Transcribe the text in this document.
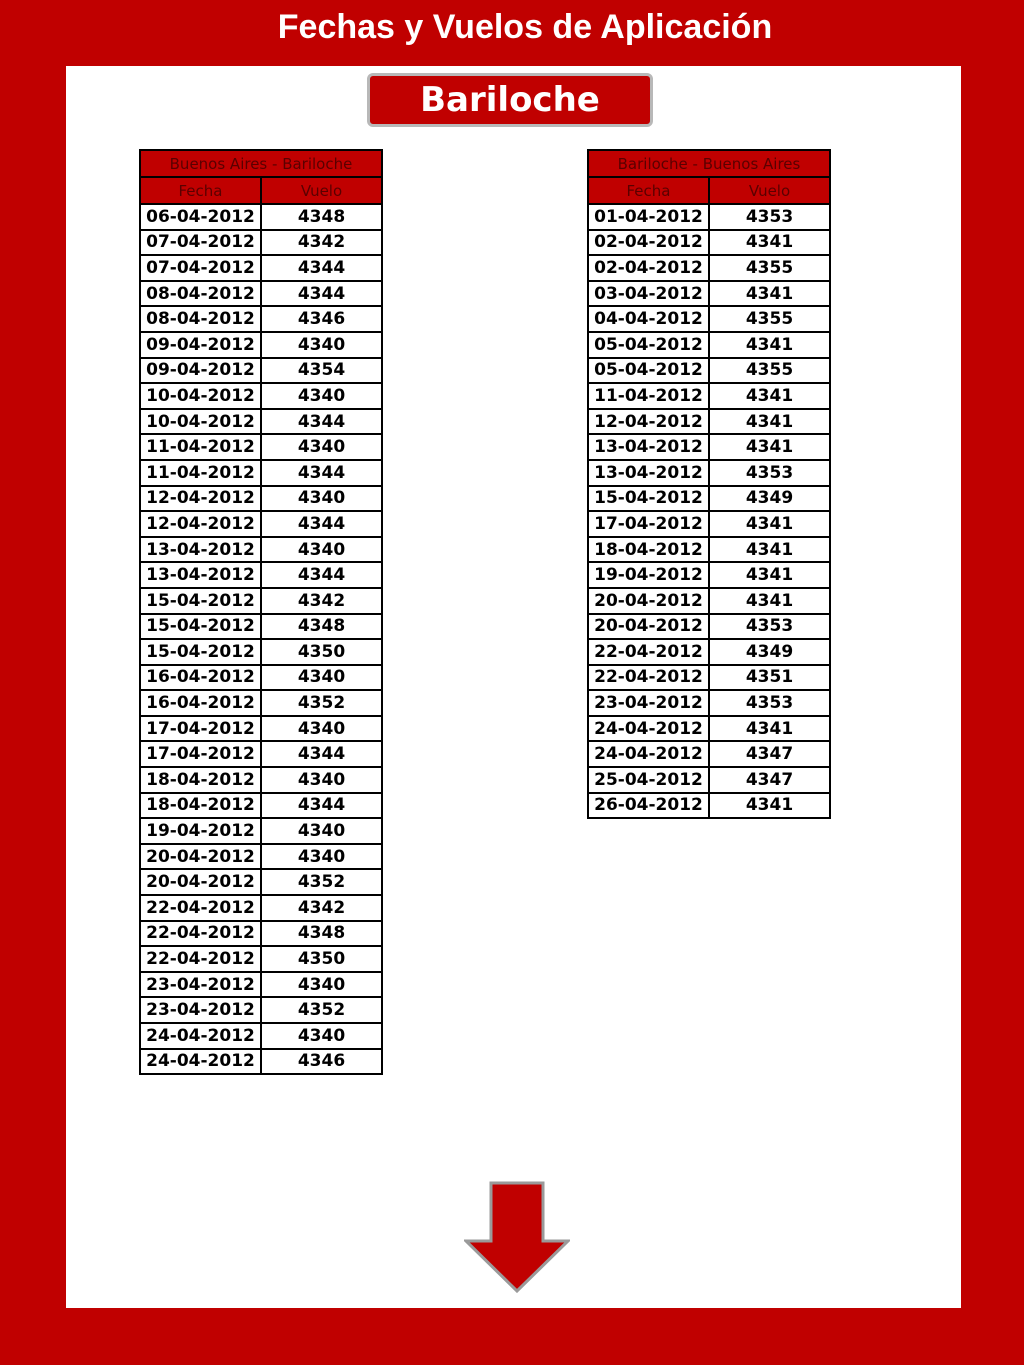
Fechas y Vuelos de Aplicación
Bariloche
Buenos Aires - Bariloche	
Fecha	Vuelo
06-04-2012	4348
07-04-2012	4342
07-04-2012	4344
08-04-2012	4344
08-04-2012	4346
09-04-2012	4340
09-04-2012	4354
10-04-2012	4340
10-04-2012	4344
11-04-2012	4340
11-04-2012	4344
12-04-2012	4340
12-04-2012	4344
13-04-2012	4340
13-04-2012	4344
15-04-2012	4342
15-04-2012	4348
15-04-2012	4350
16-04-2012	4340
16-04-2012	4352
17-04-2012	4340
17-04-2012	4344
18-04-2012	4340
18-04-2012	4344
19-04-2012	4340
20-04-2012	4340
20-04-2012	4352
22-04-2012	4342
22-04-2012	4348
22-04-2012	4350
23-04-2012	4340
23-04-2012	4352
24-04-2012	4340
24-04-2012	4346
Bariloche - Buenos Aires	
Fecha	Vuelo
01-04-2012	4353
02-04-2012	4341
02-04-2012	4355
03-04-2012	4341
04-04-2012	4355
05-04-2012	4341
05-04-2012	4355
11-04-2012	4341
12-04-2012	4341
13-04-2012	4341
13-04-2012	4353
15-04-2012	4349
17-04-2012	4341
18-04-2012	4341
19-04-2012	4341
20-04-2012	4341
20-04-2012	4353
22-04-2012	4349
22-04-2012	4351
23-04-2012	4353
24-04-2012	4341
24-04-2012	4347
25-04-2012	4347
26-04-2012	4341
